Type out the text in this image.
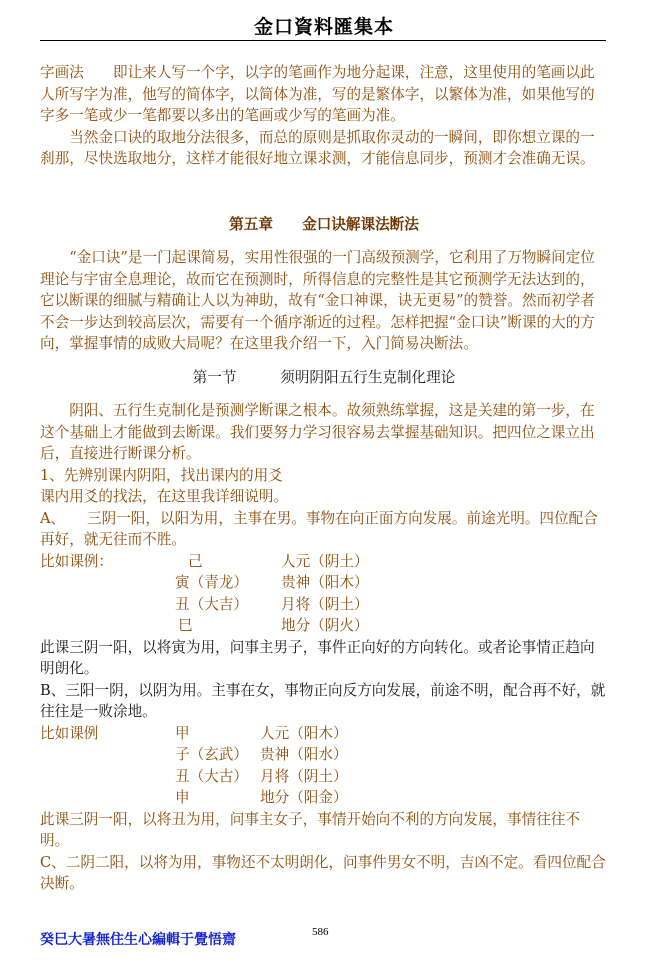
金口資料匯集本

字画法　　即让来人写一个字，以字的笔画作为地分起课，注意，这里使用的笔画以此人所写字为准，他写的简体字，以简体为准，写的是繁体字，以繁体为准，如果他写的字多一笔或少一笔都要以多出的笔画或少写的笔画为准。

当然金口诀的取地分法很多，而总的原则是抓取你灵动的一瞬间，即你想立课的一刹那，尽快选取地分，这样才能很好地立课求测，才能信息同步，预测才会准确无误。

第五章　　金口诀解课法断法

“金口诀”是一门起课简易，实用性很强的一门高级预测学，它利用了万物瞬间定位理论与宇宙全息理论，故而它在预测时，所得信息的完整性是其它预测学无法达到的，它以断课的细腻与精确让人以为神助，故有“金口神课，诀无更易”的赞誉。然而初学者不会一步达到较高层次，需要有一个循序渐近的过程。怎样把握“金口诀”断课的大的方向，掌握事情的成败大局呢？在这里我介绍一下，入门简易决断法。

第一节　　　须明阴阳五行生克制化理论

阴阳、五行生克制化是预测学断课之根本。故须熟练掌握，这是关建的第一步，在这个基础上才能做到去断课。我们要努力学习很容易去掌握基础知识。把四位之课立出后，直接进行断课分析。

1、先辨别课内阴阳，找出课内的用爻

课内用爻的找法，在这里我详细说明。

A、　　三阴一阳，以阳为用，主事在男。事物在向正面方向发展。前途光明。四位配合再好，就无往而不胜。

比如课例：	己	人元（阴土）
寅（青龙） 贵神（阳木）
丑（大吉） 月将（阴土）
巳	地分（阴火）

此课三阴一阳，以将寅为用，问事主男子，事件正向好的方向转化。或者论事情正趋向明朗化。

B、三阳一阴，以阴为用。主事在女，事物正向反方向发展，前途不明，配合再不好，就往往是一败涂地。

比如课例	甲	人元（阳木）
子（玄武） 贵神（阳水）
丑（大古） 月将（阴土）
申	地分（阳金）

此课三阴一阳，以将丑为用，问事主女子，事情开始向不利的方向发展，事情往往不明。

C、二阴二阳，以将为用，事物还不太明朗化，问事件男女不明，吉凶不定。看四位配合决断。

癸巳大暑無住生心編輯于覺悟齋	586
